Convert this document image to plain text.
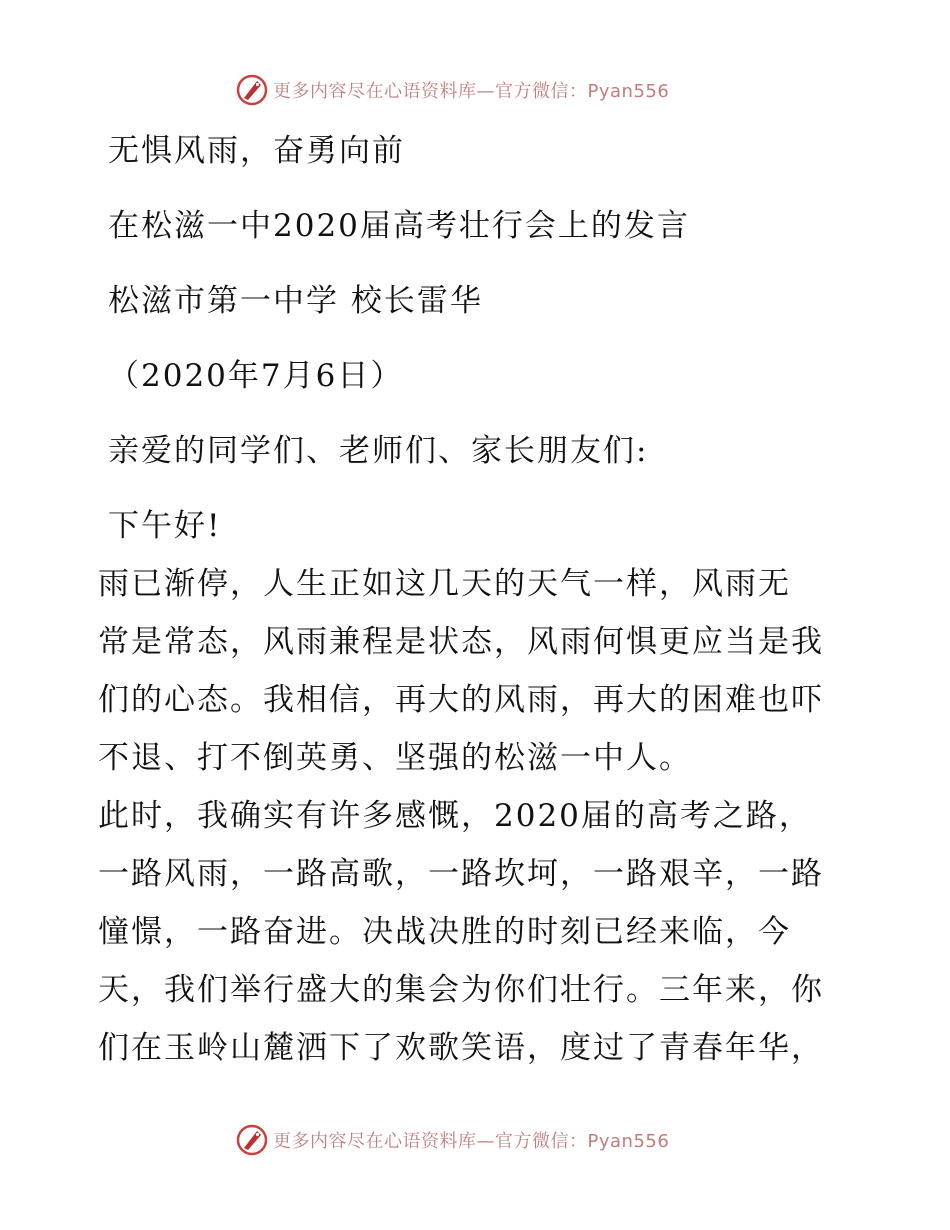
更多内容尽在心语资料库—官方微信：Pyan556

无惧风雨，奋勇向前

在松滋一中2020届高考壮行会上的发言

松滋市第一中学 校长雷华

（2020年7月6日）

亲爱的同学们、老师们、家长朋友们:

下午好!

雨已渐停，人生正如这几天的天气一样，风雨无
常是常态，风雨兼程是状态，风雨何惧更应当是我
们的心态。我相信，再大的风雨，再大的困难也吓
不退、打不倒英勇、坚强的松滋一中人。
此时，我确实有许多感慨，2020届的高考之路，
一路风雨，一路高歌，一路坎坷，一路艰辛，一路
憧憬，一路奋进。决战决胜的时刻已经来临，今
天，我们举行盛大的集会为你们壮行。三年来，你
们在玉岭山麓洒下了欢歌笑语，度过了青春年华，
更多内容尽在心语资料库—官方微信：Pyan556
